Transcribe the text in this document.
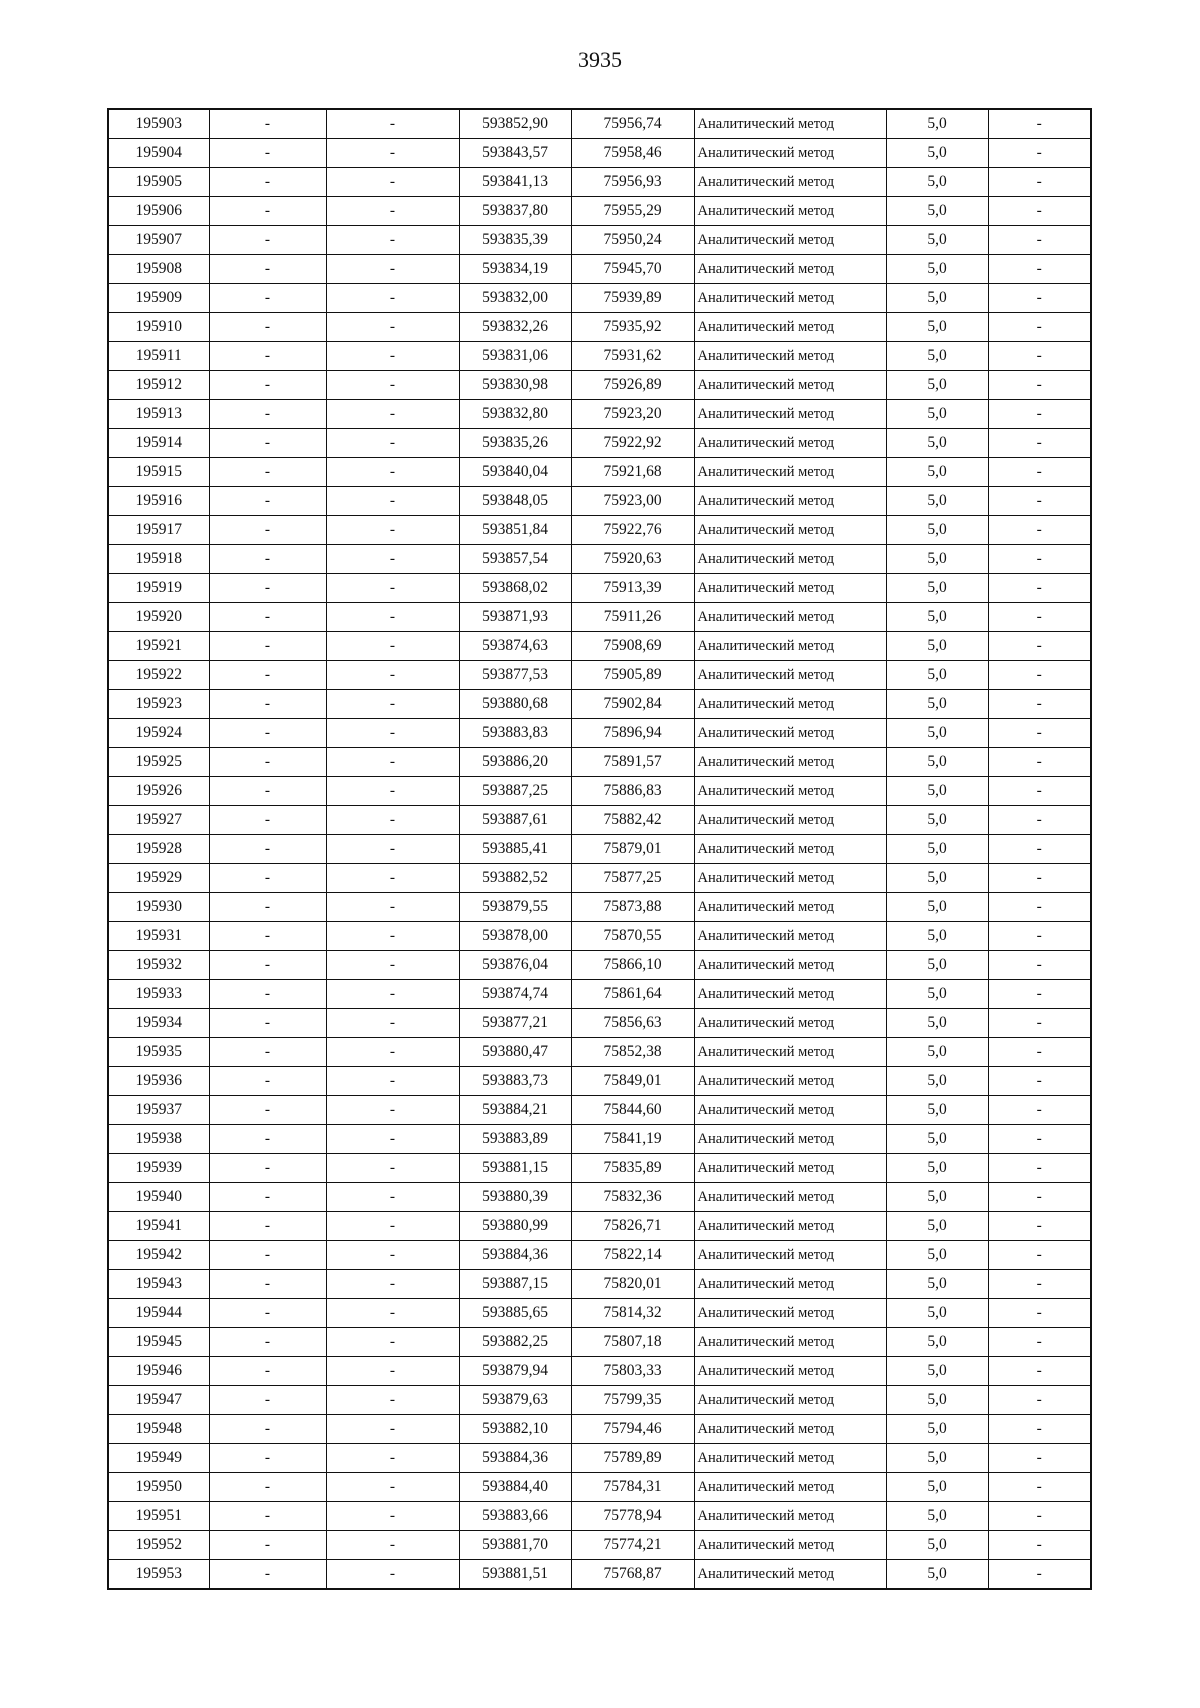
3935
195903	-	-	593852,90	75956,74	Аналитический метод	5,0	-
195904	-	-	593843,57	75958,46	Аналитический метод	5,0	-
195905	-	-	593841,13	75956,93	Аналитический метод	5,0	-
195906	-	-	593837,80	75955,29	Аналитический метод	5,0	-
195907	-	-	593835,39	75950,24	Аналитический метод	5,0	-
195908	-	-	593834,19	75945,70	Аналитический метод	5,0	-
195909	-	-	593832,00	75939,89	Аналитический метод	5,0	-
195910	-	-	593832,26	75935,92	Аналитический метод	5,0	-
195911	-	-	593831,06	75931,62	Аналитический метод	5,0	-
195912	-	-	593830,98	75926,89	Аналитический метод	5,0	-
195913	-	-	593832,80	75923,20	Аналитический метод	5,0	-
195914	-	-	593835,26	75922,92	Аналитический метод	5,0	-
195915	-	-	593840,04	75921,68	Аналитический метод	5,0	-
195916	-	-	593848,05	75923,00	Аналитический метод	5,0	-
195917	-	-	593851,84	75922,76	Аналитический метод	5,0	-
195918	-	-	593857,54	75920,63	Аналитический метод	5,0	-
195919	-	-	593868,02	75913,39	Аналитический метод	5,0	-
195920	-	-	593871,93	75911,26	Аналитический метод	5,0	-
195921	-	-	593874,63	75908,69	Аналитический метод	5,0	-
195922	-	-	593877,53	75905,89	Аналитический метод	5,0	-
195923	-	-	593880,68	75902,84	Аналитический метод	5,0	-
195924	-	-	593883,83	75896,94	Аналитический метод	5,0	-
195925	-	-	593886,20	75891,57	Аналитический метод	5,0	-
195926	-	-	593887,25	75886,83	Аналитический метод	5,0	-
195927	-	-	593887,61	75882,42	Аналитический метод	5,0	-
195928	-	-	593885,41	75879,01	Аналитический метод	5,0	-
195929	-	-	593882,52	75877,25	Аналитический метод	5,0	-
195930	-	-	593879,55	75873,88	Аналитический метод	5,0	-
195931	-	-	593878,00	75870,55	Аналитический метод	5,0	-
195932	-	-	593876,04	75866,10	Аналитический метод	5,0	-
195933	-	-	593874,74	75861,64	Аналитический метод	5,0	-
195934	-	-	593877,21	75856,63	Аналитический метод	5,0	-
195935	-	-	593880,47	75852,38	Аналитический метод	5,0	-
195936	-	-	593883,73	75849,01	Аналитический метод	5,0	-
195937	-	-	593884,21	75844,60	Аналитический метод	5,0	-
195938	-	-	593883,89	75841,19	Аналитический метод	5,0	-
195939	-	-	593881,15	75835,89	Аналитический метод	5,0	-
195940	-	-	593880,39	75832,36	Аналитический метод	5,0	-
195941	-	-	593880,99	75826,71	Аналитический метод	5,0	-
195942	-	-	593884,36	75822,14	Аналитический метод	5,0	-
195943	-	-	593887,15	75820,01	Аналитический метод	5,0	-
195944	-	-	593885,65	75814,32	Аналитический метод	5,0	-
195945	-	-	593882,25	75807,18	Аналитический метод	5,0	-
195946	-	-	593879,94	75803,33	Аналитический метод	5,0	-
195947	-	-	593879,63	75799,35	Аналитический метод	5,0	-
195948	-	-	593882,10	75794,46	Аналитический метод	5,0	-
195949	-	-	593884,36	75789,89	Аналитический метод	5,0	-
195950	-	-	593884,40	75784,31	Аналитический метод	5,0	-
195951	-	-	593883,66	75778,94	Аналитический метод	5,0	-
195952	-	-	593881,70	75774,21	Аналитический метод	5,0	-
195953	-	-	593881,51	75768,87	Аналитический метод	5,0	-
